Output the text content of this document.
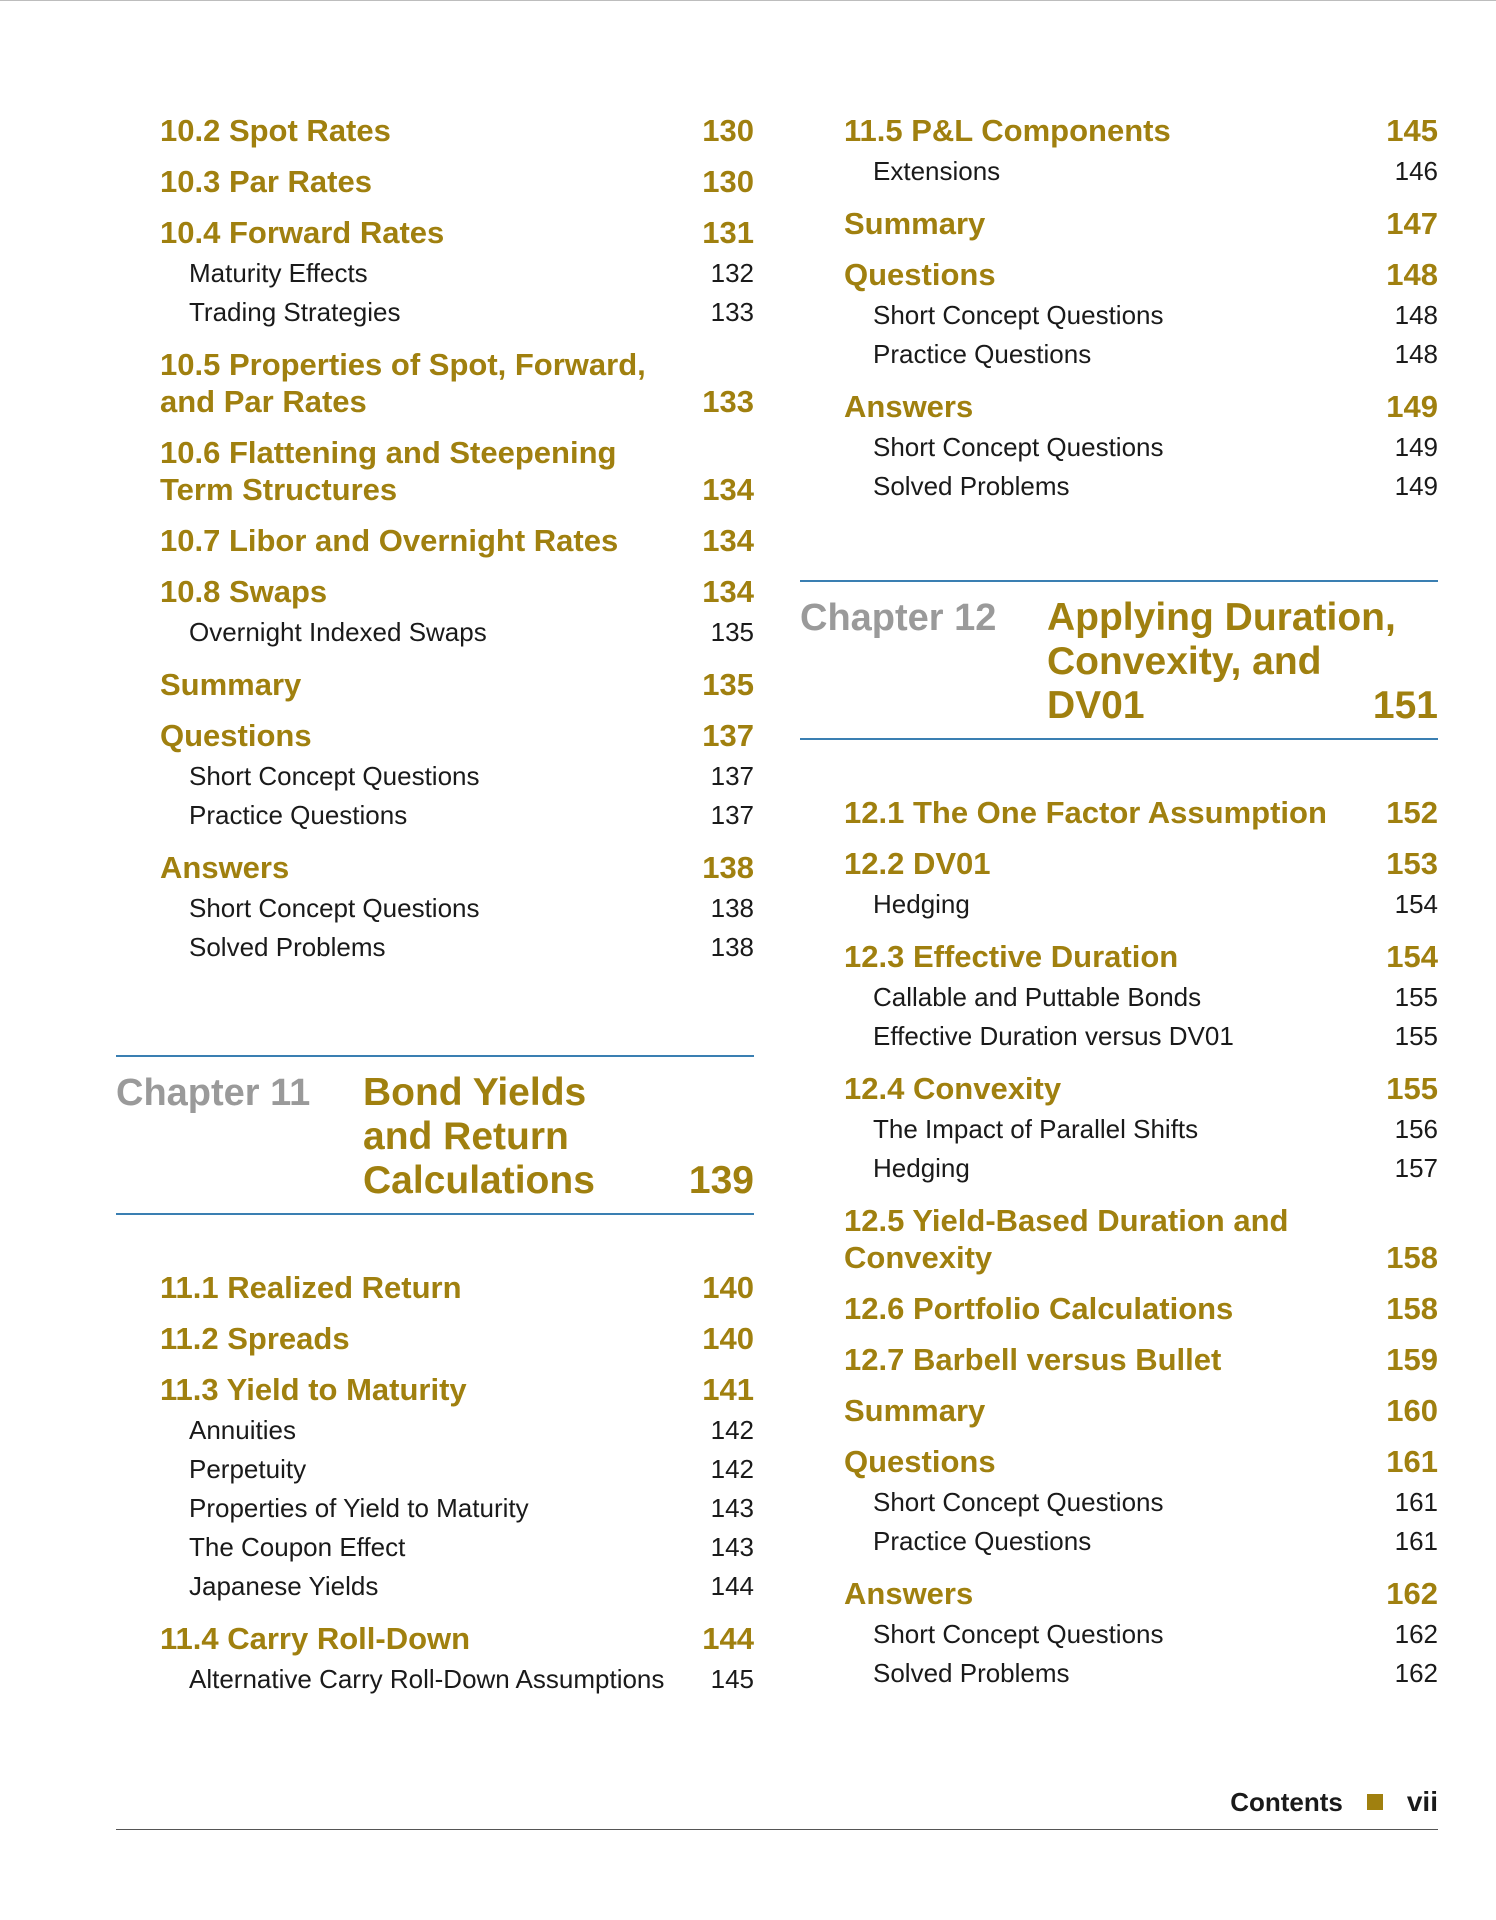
10.2 Spot Rates	130
10.3 Par Rates	130
10.4 Forward Rates	131
Maturity Effects	132
Trading Strategies	133
10.5 Properties of Spot, Forward, and Par Rates	133
10.6 Flattening and Steepening Term Structures	134
10.7 Libor and Overnight Rates	134
10.8 Swaps	134
Overnight Indexed Swaps	135
Summary	135
Questions	137
Short Concept Questions	137
Practice Questions	137
Answers	138
Short Concept Questions	138
Solved Problems	138
Chapter 11	Bond Yields
and Return
Calculations	139
11.1 Realized Return	140
11.2 Spreads	140
11.3 Yield to Maturity	141
Annuities	142
Perpetuity	142
Properties of Yield to Maturity	143
The Coupon Effect	143
Japanese Yields	144
11.4 Carry Roll-Down	144
Alternative Carry Roll-Down Assumptions	145
11.5 P&L Components	145
Extensions	146
Summary	147
Questions	148
Short Concept Questions	148
Practice Questions	148
Answers	149
Short Concept Questions	149
Solved Problems	149
Chapter 12	Applying Duration,
Convexity, and
DV01	151
12.1 The One Factor Assumption	152
12.2 DV01	153
Hedging	154
12.3 Effective Duration	154
Callable and Puttable Bonds	155
Effective Duration versus DV01	155
12.4 Convexity	155
The Impact of Parallel Shifts	156
Hedging	157
12.5 Yield-Based Duration and Convexity	158
12.6 Portfolio Calculations	158
12.7 Barbell versus Bullet	159
Summary	160
Questions	161
Short Concept Questions	161
Practice Questions	161
Answers	162
Short Concept Questions	162
Solved Problems	162
Contents vii
